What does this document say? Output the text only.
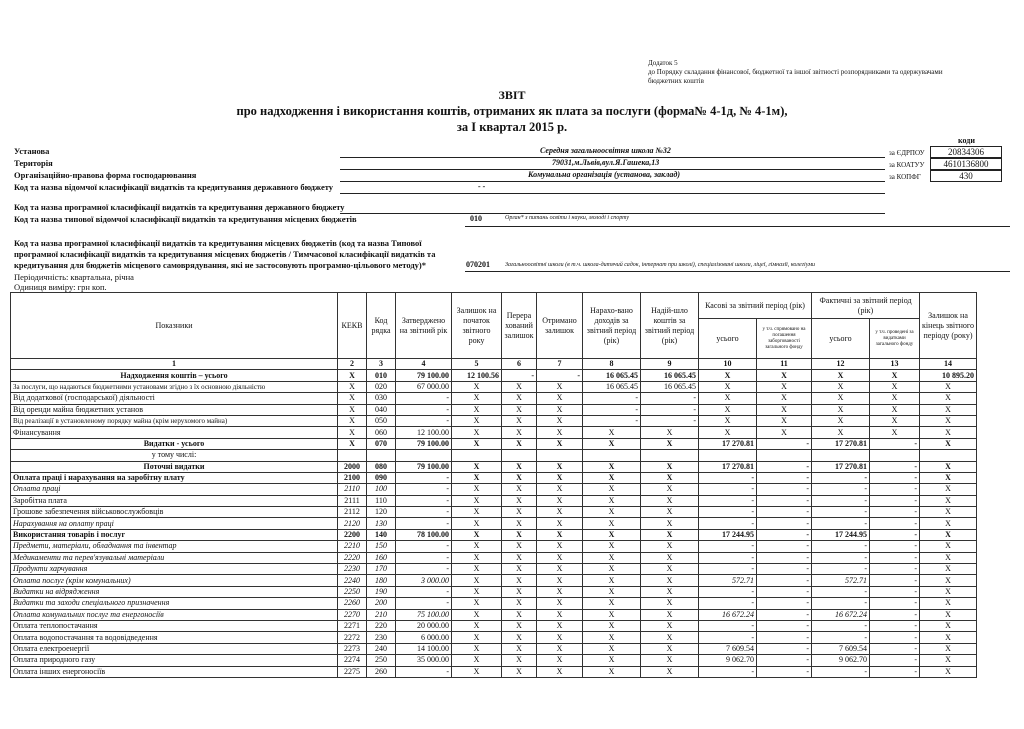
Додаток 5
до Порядку складання фінансової, бюджетної та іншої звітності розпорядниками та одержувачами
бюджетних коштів
ЗВІТ
про надходження і використання коштів, отриманих як плата за послуги (форма№ 4-1д, № 4-1м),
за І квартал 2015 р.
коди
Установа	Середня загальноосвітня школа №32
Територія	79031,м.Львів,вул.Я.Гашека,13
Організаційно-правова форма господарювання	Комунальна організація (установа, заклад)
Код та назва відомчої класифікації видатків та кредитування державного бюджету	- -
Код та назва програмної класифікації видатків та кредитування державного бюджету
Код та назва типової відомчої класифікації видатків та кредитування місцевих бюджетів	010	Орган* з питань освіти і науки, молоді і спорту
Код та назва програмної класифікації видатків та кредитування місцевих бюджетів (код та назва Типової
програмної класифікації видатків та кредитування місцевих бюджетів / Тимчасової класифікації видатків та
кредитування для бюджетів місцевого самоврядування, які не застосовують програмно-цільового методу)*	070201	Загальноосвітні школи (в т.ч. школа-дитячий садок, інтернат при школі), спеціалізовані школи, ліцеї, гімназії, колегіуми
Періодичність: квартальна, річна
Одиниця виміру: грн коп.
за ЄДРПОУ	20834306
за КОАТУУ	4610136800
за КОПФГ	430
Показники	КЕКВ	Код рядка	Затверджено на звітний рік	Залишок на початок звітного року	Перера хований залишок	Отримано залишок	Нарахо-вано доходів за звітний період (рік)	Надій-шло коштів за звітний період (рік)	Касові за звітний період (рік)		Фактичні за звітний період (рік)		Залишок на кінець звітного періоду (року)
									усього	у т.ч. спрямовано на погашення заборгованості загального фонду	усього	у т.ч. проведені за видатками загального фонду	
1	2	3	4	5	6	7	8	9	10	11	12	13	14
Надходження коштів – усього	Х	010	79 100.00	12 100.56	-	-	16 065.45	16 065.45	Х	Х	Х	Х	10 895.20
За послуги, що надаються бюджетними установами згідно з їх основною діяльністю	Х	020	67 000.00	Х	Х	Х	16 065.45	16 065.45	Х	Х	Х	Х	Х
Від додаткової (господарської) діяльності	Х	030	-	Х	Х	Х	-	-	Х	Х	Х	Х	Х
Від оренди майна бюджетних установ	Х	040	-	Х	Х	Х	-	-	Х	Х	Х	Х	Х
Від реалізації в установленому порядку майна (крім нерухомого майна)	Х	050	-	Х	Х	Х	-	-	Х	Х	Х	Х	Х
Фінансування	Х	060	12 100.00	Х	Х	Х	Х	Х	Х	Х	Х	Х	Х
Видатки - усього	Х	070	79 100.00	Х	Х	Х	Х	Х	17 270.81	-	17 270.81	-	Х
у тому числі:													
Поточні видатки	2000	080	79 100.00	Х	Х	Х	Х	Х	17 270.81	-	17 270.81	-	Х
Оплата праці і нарахування на заробітну плату	2100	090	-	Х	Х	Х	Х	Х	-	-	-	-	Х
Оплата праці	2110	100	-	Х	Х	Х	Х	Х	-	-	-	-	Х
Заробітна плата	2111	110	-	Х	Х	Х	Х	Х	-	-	-	-	Х
Грошове забезпечення військовослужбовців	2112	120	-	Х	Х	Х	Х	Х	-	-	-	-	Х
Нарахування на оплату праці	2120	130	-	Х	Х	Х	Х	Х	-	-	-	-	Х
Використання товарів і послуг	2200	140	78 100.00	Х	Х	Х	Х	Х	17 244.95	-	17 244.95	-	Х
Предмети, матеріали, обладнання та інвентар	2210	150	-	Х	Х	Х	Х	Х	-	-	-	-	Х
Медикаменти та перев'язувальні матеріали	2220	160	-	Х	Х	Х	Х	Х	-	-	-	-	Х
Продукти харчування	2230	170	-	Х	Х	Х	Х	Х	-	-	-	-	Х
Оплата послуг (крім комунальних)	2240	180	3 000.00	Х	Х	Х	Х	Х	572.71	-	572.71	-	Х
Видатки на відрядження	2250	190	-	Х	Х	Х	Х	Х	-	-	-	-	Х
Видатки та заходи спеціального призначення	2260	200	-	Х	Х	Х	Х	Х	-	-	-	-	Х
Оплата комунальних послуг та енергоносіїв	2270	210	75 100.00	Х	Х	Х	Х	Х	16 672.24	-	16 672.24	-	Х
Оплата теплопостачання	2271	220	20 000.00	Х	Х	Х	Х	Х	-	-	-	-	Х
Оплата водопостачання та водовідведення	2272	230	6 000.00	Х	Х	Х	Х	Х	-	-	-	-	Х
Оплата електроенергії	2273	240	14 100.00	Х	Х	Х	Х	Х	7 609.54	-	7 609.54	-	Х
Оплата природного газу	2274	250	35 000.00	Х	Х	Х	Х	Х	9 062.70	-	9 062.70	-	Х
Оплата інших енергоносіїв	2275	260	-	Х	Х	Х	Х	Х	-	-	-	-	Х
